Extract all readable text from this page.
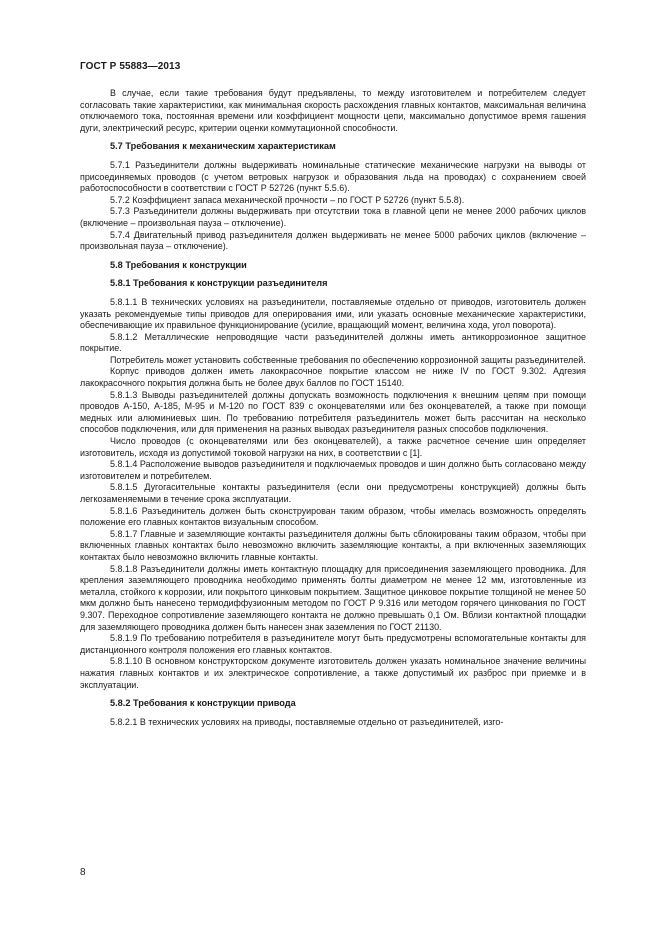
ГОСТ Р 55883—2013

В случае, если такие требования будут предъявлены, то между изготовителем и потребителем следует согласовать такие характеристики, как минимальная скорость расхождения главных контактов, максимальная величина отключаемого тока, постоянная времени или коэффициент мощности цепи, максимально допустимое время гашения дуги, электрический ресурс, критерии оценки коммутационной способности.

5.7 Требования к механическим характеристикам

5.7.1 Разъединители должны выдерживать номинальные статические механические нагрузки на выводы от присоединяемых проводов (с учетом ветровых нагрузок и образования льда на проводах) с сохранением своей работоспособности в соответствии с ГОСТ Р 52726 (пункт 5.5.6).

5.7.2 Коэффициент запаса механической прочности – по ГОСТ Р 52726 (пункт 5.5.8).

5.7.3 Разъединители должны выдерживать при отсутствии тока в главной цепи не менее 2000 рабочих циклов (включение – произвольная пауза – отключение).

5.7.4 Двигательный привод разъединителя должен выдерживать не менее 5000 рабочих циклов (включение – произвольная пауза – отключение).

5.8 Требования к конструкции

5.8.1 Требования к конструкции разъединителя

5.8.1.1 В технических условиях на разъединители, поставляемые отдельно от приводов, изготовитель должен указать рекомендуемые типы приводов для оперирования ими, или указать основные механические характеристики, обеспечивающие их правильное функционирование (усилие, вращающий момент, величина хода, угол поворота).

5.8.1.2 Металлические непроводящие части разъединителей должны иметь антикоррозионное защитное покрытие.

Потребитель может установить собственные требования по обеспечению коррозионной защиты разъединителей.

Корпус приводов должен иметь лакокрасочное покрытие классом не ниже IV по ГОСТ 9.302. Адгезия лакокрасочного покрытия должна быть не более двух баллов по ГОСТ 15140.

5.8.1.3 Выводы разъединителей должны допускать возможность подключения к внешним цепям при помощи проводов А-150, А-185, М-95 и М-120 по ГОСТ 839 с оконцевателями или без оконцевателей, а также при помощи медных или алюминиевых шин. По требованию потребителя разъединитель может быть рассчитан на несколько способов подключения, или для применения на разных выводах разъединителя разных способов подключения.

Число проводов (с оконцевателями или без оконцевателей), а также расчетное сечение шин определяет изготовитель, исходя из допустимой токовой нагрузки на них, в соответствии с [1].

5.8.1.4 Расположение выводов разъединителя и подключаемых проводов и шин должно быть согласовано между изготовителем и потребителем.

5.8.1.5 Дугогасительные контакты разъединителя (если они предусмотрены конструкцией) должны быть легкозаменяемыми в течение срока эксплуатации.

5.8.1.6 Разъединитель должен быть сконструирован таким образом, чтобы имелась возможность определять положение его главных контактов визуальным способом.

5.8.1.7 Главные и заземляющие контакты разъединителя должны быть сблокированы таким образом, чтобы при включенных главных контактах было невозможно включить заземляющие контакты, а при включенных заземляющих контактах было невозможно включить главные контакты.

5.8.1.8 Разъединители должны иметь контактную площадку для присоединения заземляющего проводника. Для крепления заземляющего проводника необходимо применять болты диаметром не менее 12 мм, изготовленные из металла, стойкого к коррозии, или покрытого цинковым покрытием. Защитное цинковое покрытие толщиной не менее 50 мкм должно быть нанесено термодиффузионным методом по ГОСТ Р 9.316 или методом горячего цинкования по ГОСТ 9.307. Переходное сопротивление заземляющего контакта не должно превышать 0,1 Ом. Вблизи контактной площадки для заземляющего проводника должен быть нанесен знак заземления по ГОСТ 21130.

5.8.1.9 По требованию потребителя в разъединителе могут быть предусмотрены вспомогательные контакты для дистанционного контроля положения его главных контактов.

5.8.1.10 В основном конструкторском документе изготовитель должен указать номинальное значение величины нажатия главных контактов и их электрическое сопротивление, а также допустимый их разброс при приемке и в эксплуатации.

5.8.2 Требования к конструкции привода

5.8.2.1 В технических условиях на приводы, поставляемые отдельно от разъединителей, изго-

8
